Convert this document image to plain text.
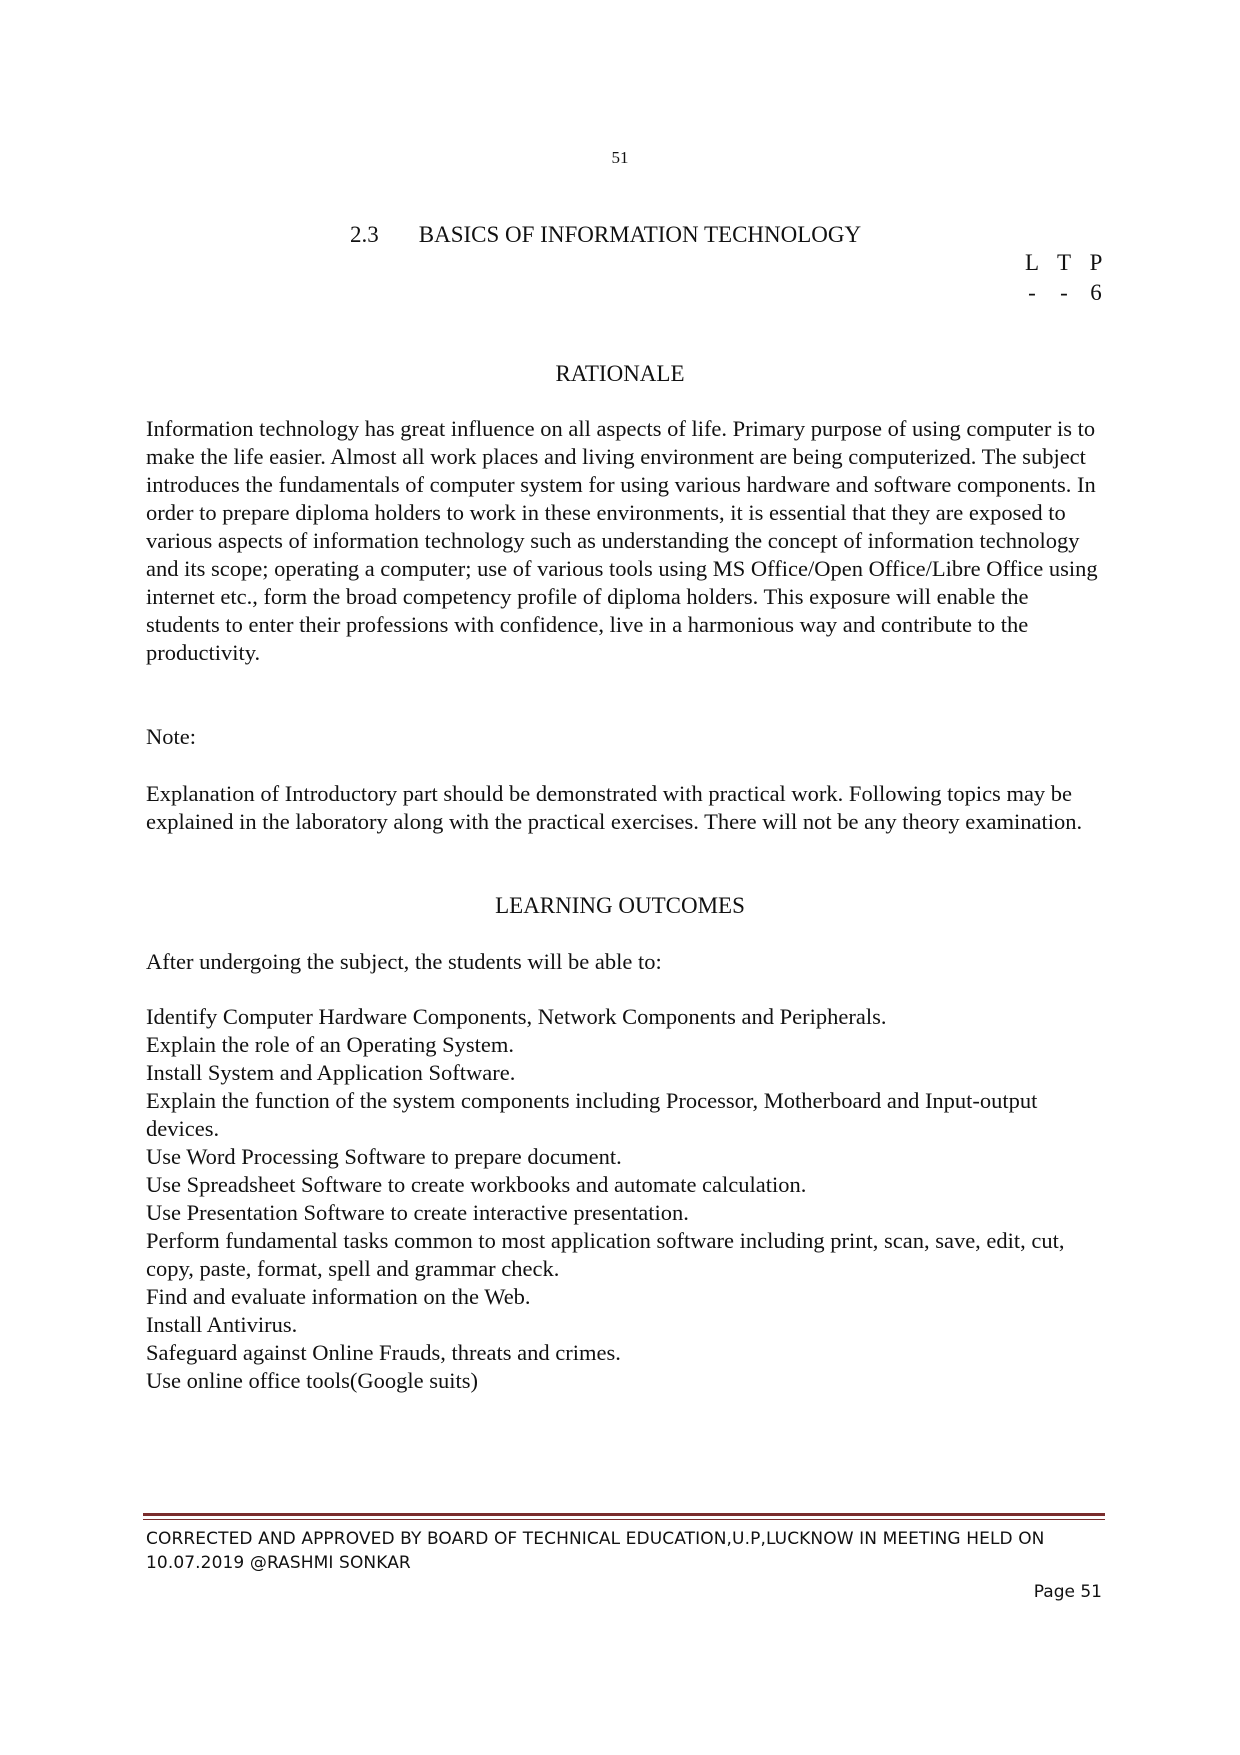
51
2.3 BASICS OF INFORMATION TECHNOLOGY
L T P
-	- 6
RATIONALE

Information technology has great influence on all aspects of life. Primary purpose of using computer is to make the life easier. Almost all work places and living environment are being computerized. The subject introduces the fundamentals of computer system for using various hardware and software components. In order to prepare diploma holders to work in these environments, it is essential that they are exposed to various aspects of information technology such as understanding the concept of information technology and its scope; operating a computer; use of various tools using MS Office/Open Office/Libre Office using internet etc., form the broad competency profile of diploma holders. This exposure will enable the students to enter their professions with confidence, live in a harmonious way and contribute to the productivity.

Note:

Explanation of Introductory part should be demonstrated with practical work. Following topics may be explained in the laboratory along with the practical exercises. There will not be any theory examination.

LEARNING OUTCOMES

After undergoing the subject, the students will be able to:

Identify Computer Hardware Components, Network Components and Peripherals.
Explain the role of an Operating System.
Install System and Application Software.
Explain the function of the system components including Processor, Motherboard and Input-output devices.
Use Word Processing Software to prepare document.
Use Spreadsheet Software to create workbooks and automate calculation.
Use Presentation Software to create interactive presentation.
Perform fundamental tasks common to most application software including print, scan, save, edit, cut, copy, paste, format, spell and grammar check.
Find and evaluate information on the Web.
Install Antivirus.
Safeguard against Online Frauds, threats and crimes.
Use online office tools(Google suits)
CORRECTED AND APPROVED BY BOARD OF TECHNICAL EDUCATION,U.P,LUCKNOW IN MEETING HELD ON 10.07.2019 @RASHMI SONKAR
Page 51
